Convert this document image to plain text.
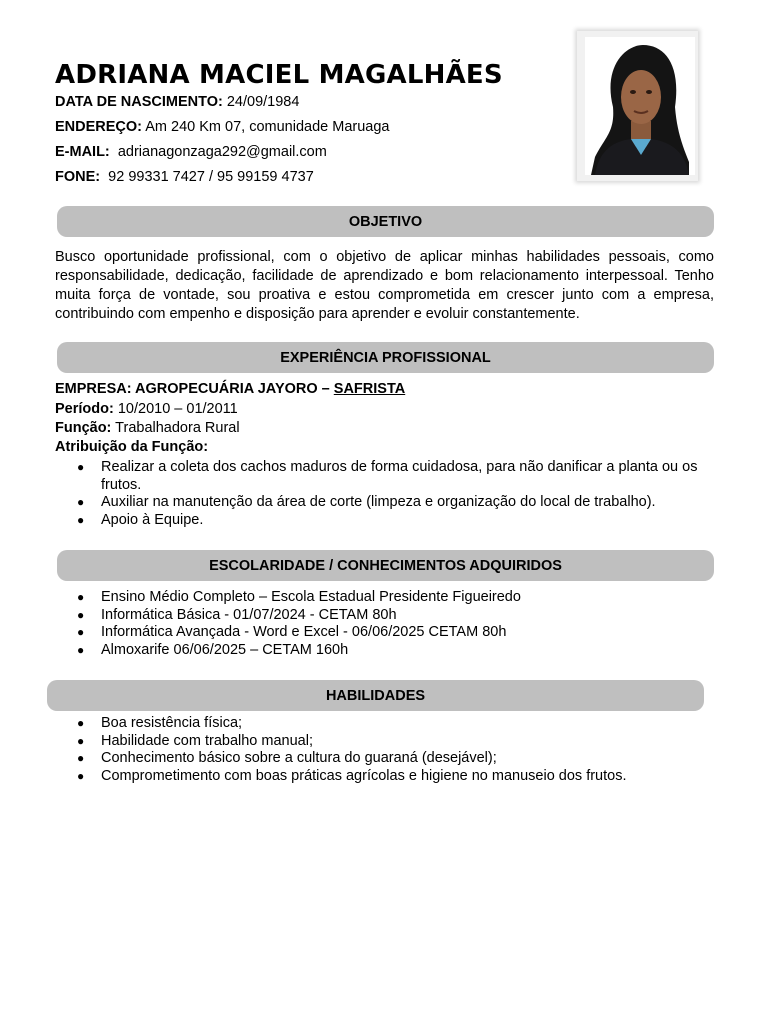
ADRIANA MACIEL MAGALHÃES
DATA DE NASCIMENTO: 24/09/1984
ENDEREÇO: Am 240 Km 07, comunidade Maruaga
E-MAIL: adrianagonzaga292@gmail.com
FONE: 92 99331 7427 / 95 99159 4737
OBJETIVO

Busco oportunidade profissional, com o objetivo de aplicar minhas habilidades pessoais, como responsabilidade, dedicação, facilidade de aprendizado e bom relacionamento interpessoal. Tenho muita força de vontade, sou proativa e estou comprometida em crescer junto com a empresa, contribuindo com empenho e disposição para aprender e evoluir constantemente.

EXPERIÊNCIA PROFISSIONAL
EMPRESA: AGROPECUÁRIA JAYORO – SAFRISTA
Período: 10/2010 – 01/2011
Função: Trabalhadora Rural
Atribuição da Função:
● Realizar a coleta dos cachos maduros de forma cuidadosa, para não danificar a planta ou os frutos.
● Auxiliar na manutenção da área de corte (limpeza e organização do local de trabalho).
● Apoio à Equipe.
ESCOLARIDADE / CONHECIMENTOS ADQUIRIDOS
● Ensino Médio Completo – Escola Estadual Presidente Figueiredo
● Informática Básica - 01/07/2024 - CETAM 80h
● Informática Avançada - Word e Excel - 06/06/2025 CETAM 80h
● Almoxarife 06/06/2025 – CETAM 160h
HABILIDADES
● Boa resistência física;
● Habilidade com trabalho manual;
● Conhecimento básico sobre a cultura do guaraná (desejável);
● Comprometimento com boas práticas agrícolas e higiene no manuseio dos frutos.
